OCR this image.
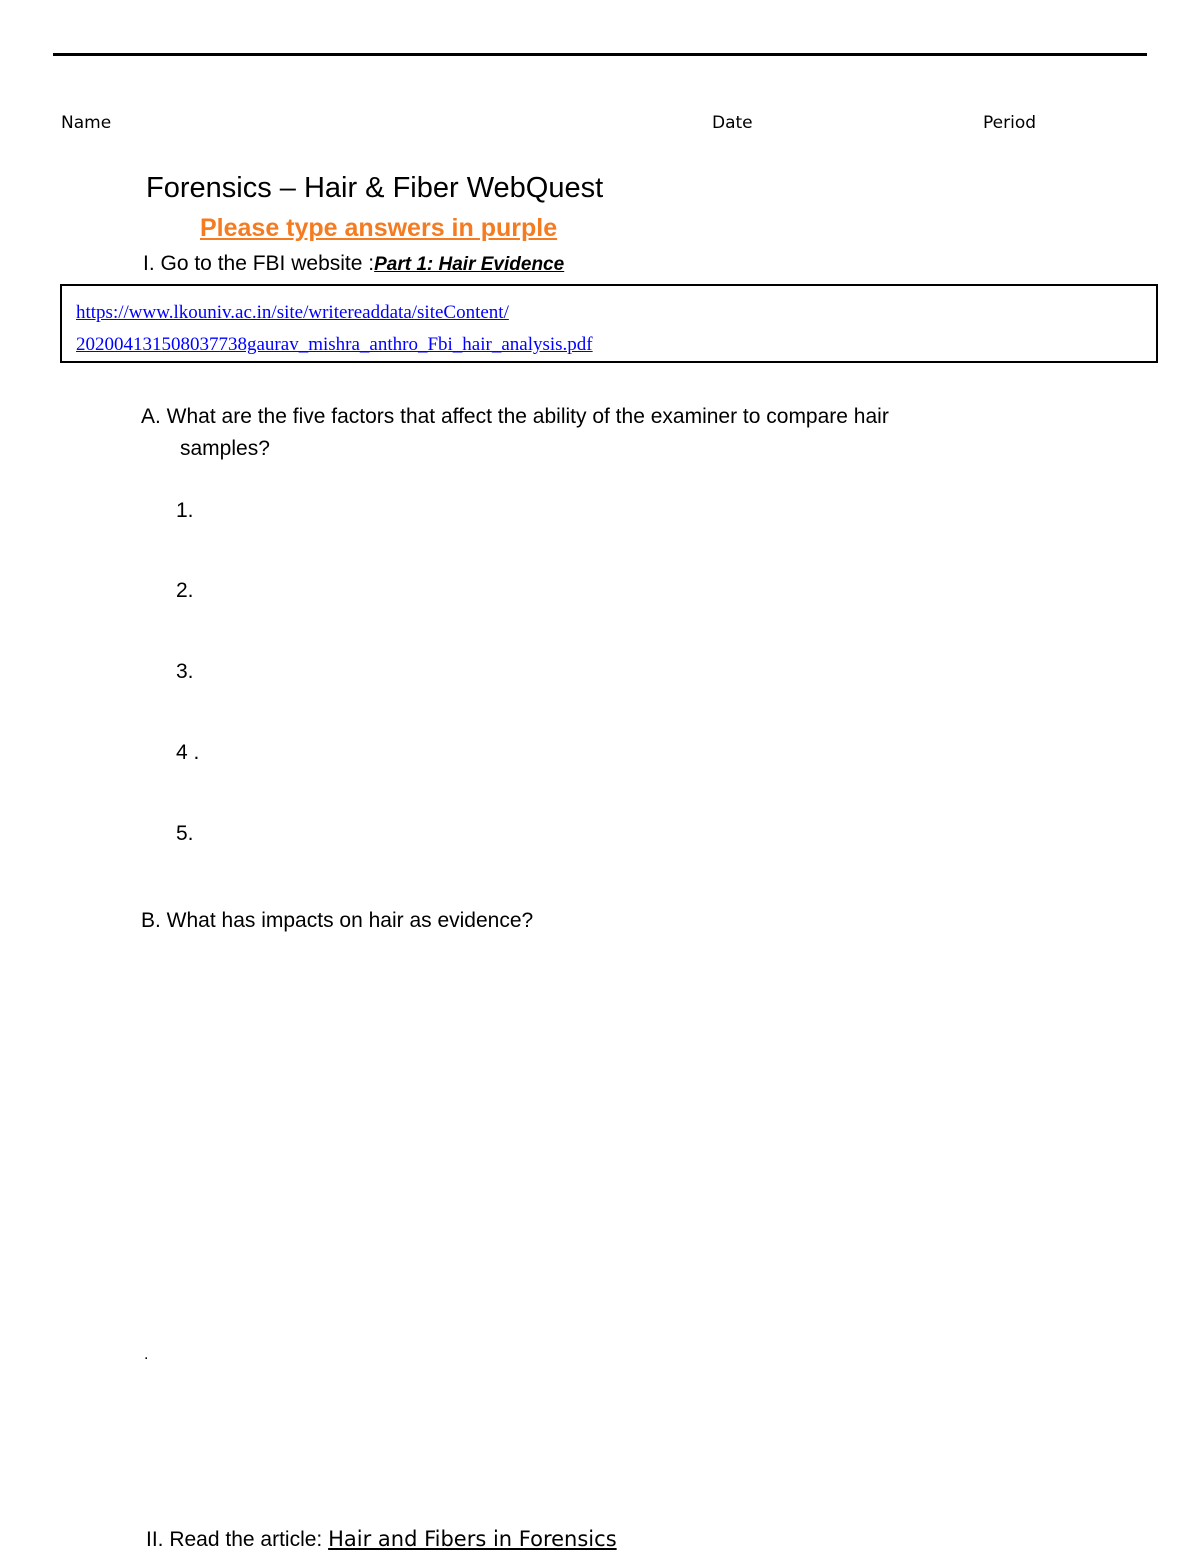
Name	Date	Period
Forensics – Hair & Fiber WebQuest
Please type answers in purple
I. Go to the FBI website :Part 1: Hair Evidence
https://www.lkouniv.ac.in/site/writereaddata/siteContent/
202004131508037738gaurav_mishra_anthro_Fbi_hair_analysis.pdf
A. What are the five factors that affect the ability of the examiner to compare hair
samples?
1.
2.
3.
4 .
5.
B. What has impacts on hair as evidence?
.
II. Read the article: Hair and Fibers in Forensics
